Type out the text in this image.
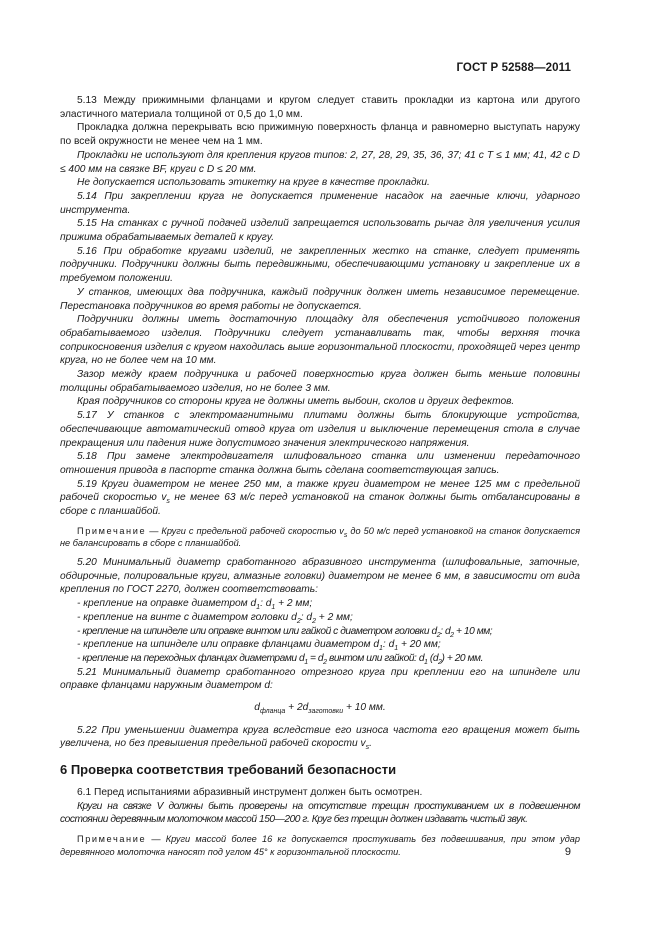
ГОСТ Р 52588—2011

5.13 Между прижимными фланцами и кругом следует ставить прокладки из картона или другого эластичного материала толщиной от 0,5 до 1,0 мм.

Прокладка должна перекрывать всю прижимную поверхность фланца и равномерно выступать наружу по всей окружности не менее чем на 1 мм.

Прокладки не используют для крепления кругов типов: 2, 27, 28, 29, 35, 36, 37; 41 с T ≤ 1 мм; 41, 42 с D ≤ 400 мм на связке BF, круги с D ≤ 20 мм.

Не допускается использовать этикетку на круге в качестве прокладки.

5.14 При закреплении круга не допускается применение насадок на гаечные ключи, ударного инструмента.

5.15 На станках с ручной подачей изделий запрещается использовать рычаг для увеличения усилия прижима обрабатываемых деталей к кругу.

5.16 При обработке кругами изделий, не закрепленных жестко на станке, следует применять подручники. Подручники должны быть передвижными, обеспечивающими установку и закрепление их в требуемом положении.

У станков, имеющих два подручника, каждый подручник должен иметь независимое перемещение. Перестановка подручников во время работы не допускается.

Подручники должны иметь достаточную площадку для обеспечения устойчивого положения обрабатываемого изделия. Подручники следует устанавливать так, чтобы верхняя точка соприкосновения изделия с кругом находилась выше горизонтальной плоскости, проходящей через центр круга, но не более чем на 10 мм.

Зазор между краем подручника и рабочей поверхностью круга должен быть меньше половины толщины обрабатываемого изделия, но не более 3 мм.

Края подручников со стороны круга не должны иметь выбоин, сколов и других дефектов.

5.17 У станков с электромагнитными плитами должны быть блокирующие устройства, обеспечивающие автоматический отвод круга от изделия и выключение перемещения стола в случае прекращения или падения ниже допустимого значения электрического напряжения.

5.18 При замене электродвигателя шлифовального станка или изменении передаточного отношения привода в паспорте станка должна быть сделана соответствующая запись.

5.19 Круги диаметром не менее 250 мм, а также круги диаметром не менее 125 мм с предельной рабочей скоростью $v_s$ не менее 63 м/с перед установкой на станок должны быть отбалансированы в сборе с планшайбой.

Примечание — Круги с предельной рабочей скоростью $v_s$ до 50 м/с перед установкой на станок допускается не балансировать в сборе с планшайбой.

5.20 Минимальный диаметр сработанного абразивного инструмента (шлифовальные, заточные, обдирочные, полировальные круги, алмазные головки) диаметром не менее 6 мм, в зависимости от вида крепления по ГОСТ 2270, должен соответствовать:

- крепление на оправке диаметром $d_1$: $d_1 + 2$ мм;

- крепление на винте с диаметром головки $d_2$: $d_2 + 2$ мм;

- крепление на шпинделе или оправке винтом или гайкой с диаметром головки $d_2$: $d_2 + 10$ мм;

- крепление на шпинделе или оправке фланцами диаметром $d_1$: $d_1 + 20$ мм;

- крепление на переходных фланцах диаметрами $d_1 = d_2$ винтом или гайкой: $d_1$ $(d_2) + 20$ мм.

5.21 Минимальный диаметр сработанного отрезного круга при креплении его на шпинделе или оправке фланцами наружным диаметром d:

$d_{фланца} + 2d_{заготовки} + 10$ мм.

5.22 При уменьшении диаметра круга вследствие его износа частота его вращения может быть увеличена, но без превышения предельной рабочей скорости $v_s$.

6 Проверка соответствия требований безопасности

6.1 Перед испытаниями абразивный инструмент должен быть осмотрен.

Круги на связке V должны быть проверены на отсутствие трещин простукиванием их в подвешенном состоянии деревянным молоточком массой 150—200 г. Круг без трещин должен издавать чистый звук.

Примечание — Круги массой более 16 кг допускается простукивать без подвешивания, при этом удар деревянного молоточка наносят под углом 45° к горизонтальной плоскости.	9
